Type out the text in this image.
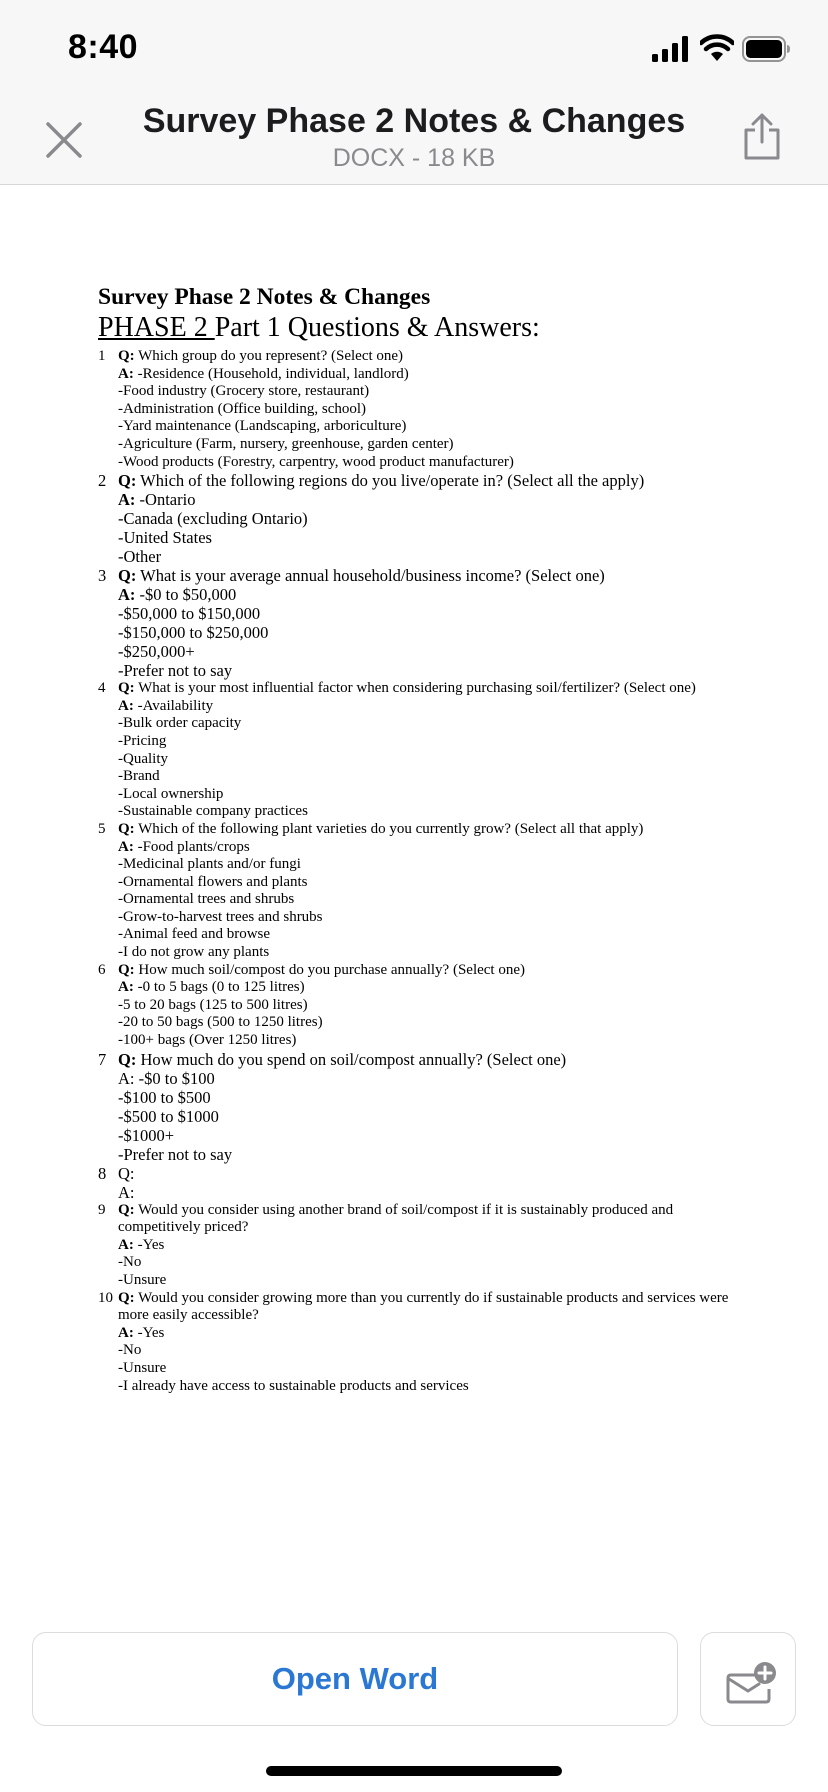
8:40
Survey Phase 2 Notes & Changes
DOCX - 18 KB
Survey Phase 2 Notes & Changes
PHASE 2 Part 1 Questions & Answers:
1 Q: Which group do you represent? (Select one)
A: -Residence (Household, individual, landlord)
-Food industry (Grocery store, restaurant)
-Administration (Office building, school)
-Yard maintenance (Landscaping, arboriculture)
-Agriculture (Farm, nursery, greenhouse, garden center)
-Wood products (Forestry, carpentry, wood product manufacturer)
2 Q: Which of the following regions do you live/operate in? (Select all the apply)
A: -Ontario
-Canada (excluding Ontario)
-United States
-Other
3 Q: What is your average annual household/business income? (Select one)
A: -$0 to $50,000
-$50,000 to $150,000
-$150,000 to $250,000
-$250,000+
-Prefer not to say
4 Q: What is your most influential factor when considering purchasing soil/fertilizer? (Select one)
A: -Availability
-Bulk order capacity
-Pricing
-Quality
-Brand
-Local ownership
-Sustainable company practices
5 Q: Which of the following plant varieties do you currently grow? (Select all that apply)
A: -Food plants/crops
-Medicinal plants and/or fungi
-Ornamental flowers and plants
-Ornamental trees and shrubs
-Grow-to-harvest trees and shrubs
-Animal feed and browse
-I do not grow any plants
6 Q: How much soil/compost do you purchase annually? (Select one)
A: -0 to 5 bags (0 to 125 litres)
-5 to 20 bags (125 to 500 litres)
-20 to 50 bags (500 to 1250 litres)
-100+ bags (Over 1250 litres)
7 Q: How much do you spend on soil/compost annually? (Select one)
A: -$0 to $100
-$100 to $500
-$500 to $1000
-$1000+
-Prefer not to say
8 Q:
A:
9 Q: Would you consider using another brand of soil/compost if it is sustainably produced and competitively priced?
A: -Yes
-No
-Unsure
10 Q: Would you consider growing more than you currently do if sustainable products and services were more easily accessible?
A: -Yes
-No
-Unsure
-I already have access to sustainable products and services
Open Word
